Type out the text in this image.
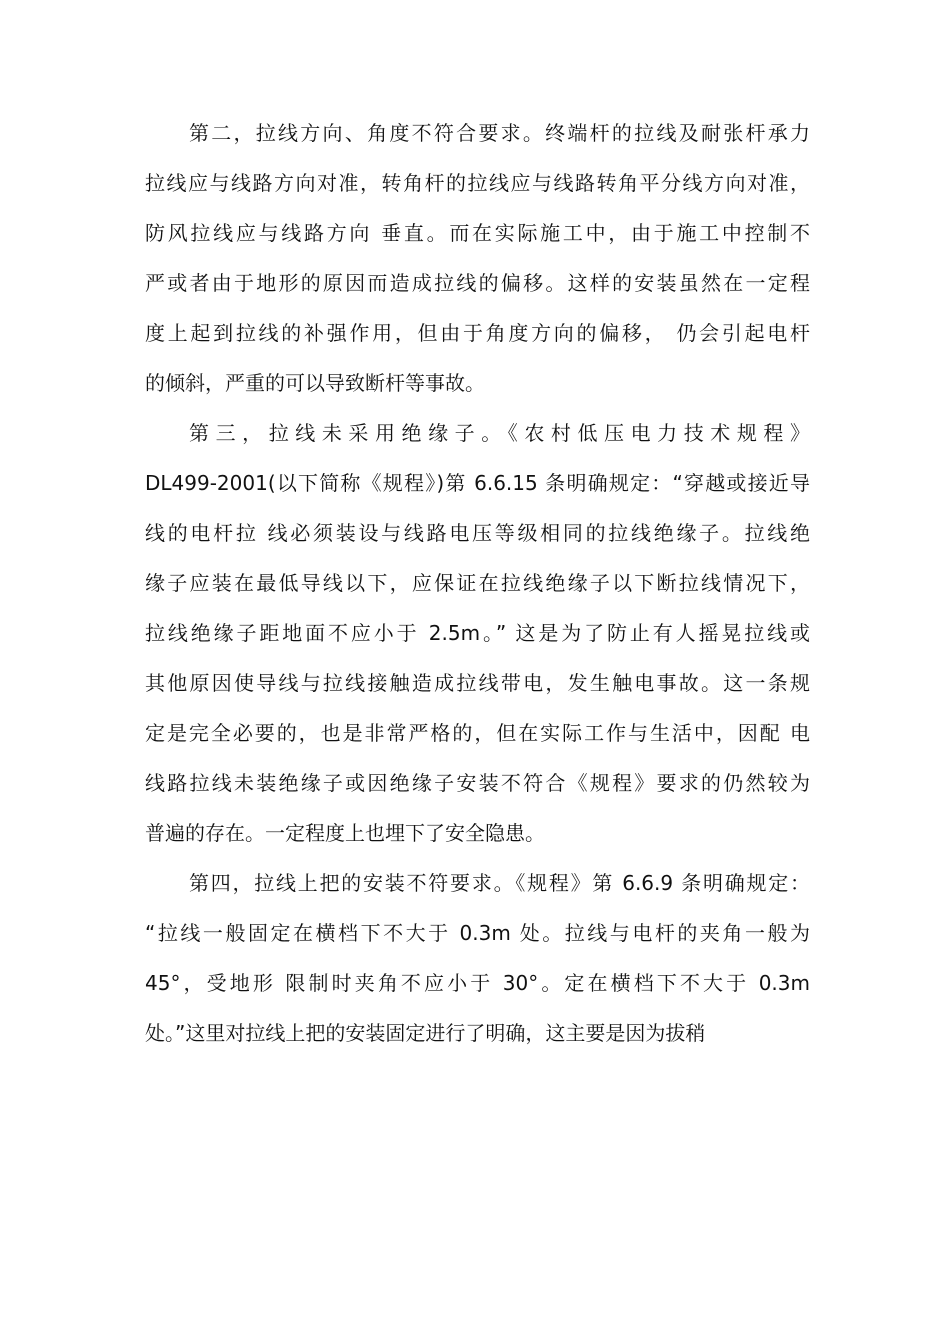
第二，拉线方向、角度不符合要求。终端杆的拉线及耐张杆承力
拉线应与线路方向对准，转角杆的拉线应与线路转角平分线方向对准，
防风拉线应与线路方向 垂直。而在实际施工中，由于施工中控制不
严或者由于地形的原因而造成拉线的偏移。这样的安装虽然在一定程
度上起到拉线的补强作用，但由于角度方向的偏移， 仍会引起电杆
的倾斜，严重的可以导致断杆等事故。
第三，拉线未采用绝缘子。《农村低压电力技术规程》
DL499-2001(以下简称《规程》)第 6.6.15 条明确规定：“穿越或接近导
线的电杆拉 线必须装设与线路电压等级相同的拉线绝缘子。拉线绝
缘子应装在最低导线以下，应保证在拉线绝缘子以下断拉线情况下，
拉线绝缘子距地面不应小于 2.5m。” 这是为了防止有人摇晃拉线或
其他原因使导线与拉线接触造成拉线带电，发生触电事故。这一条规
定是完全必要的，也是非常严格的，但在实际工作与生活中，因配 电
线路拉线未装绝缘子或因绝缘子安装不符合《规程》要求的仍然较为
普遍的存在。一定程度上也埋下了安全隐患。
第四，拉线上把的安装不符要求。《规程》第 6.6.9 条明确规定：
“拉线一般固定在横档下不大于 0.3m 处。拉线与电杆的夹角一般为
45°，受地形 限制时夹角不应小于 30°。定在横档下不大于 0.3m
处。”这里对拉线上把的安装固定进行了明确，这主要是因为拔稍
